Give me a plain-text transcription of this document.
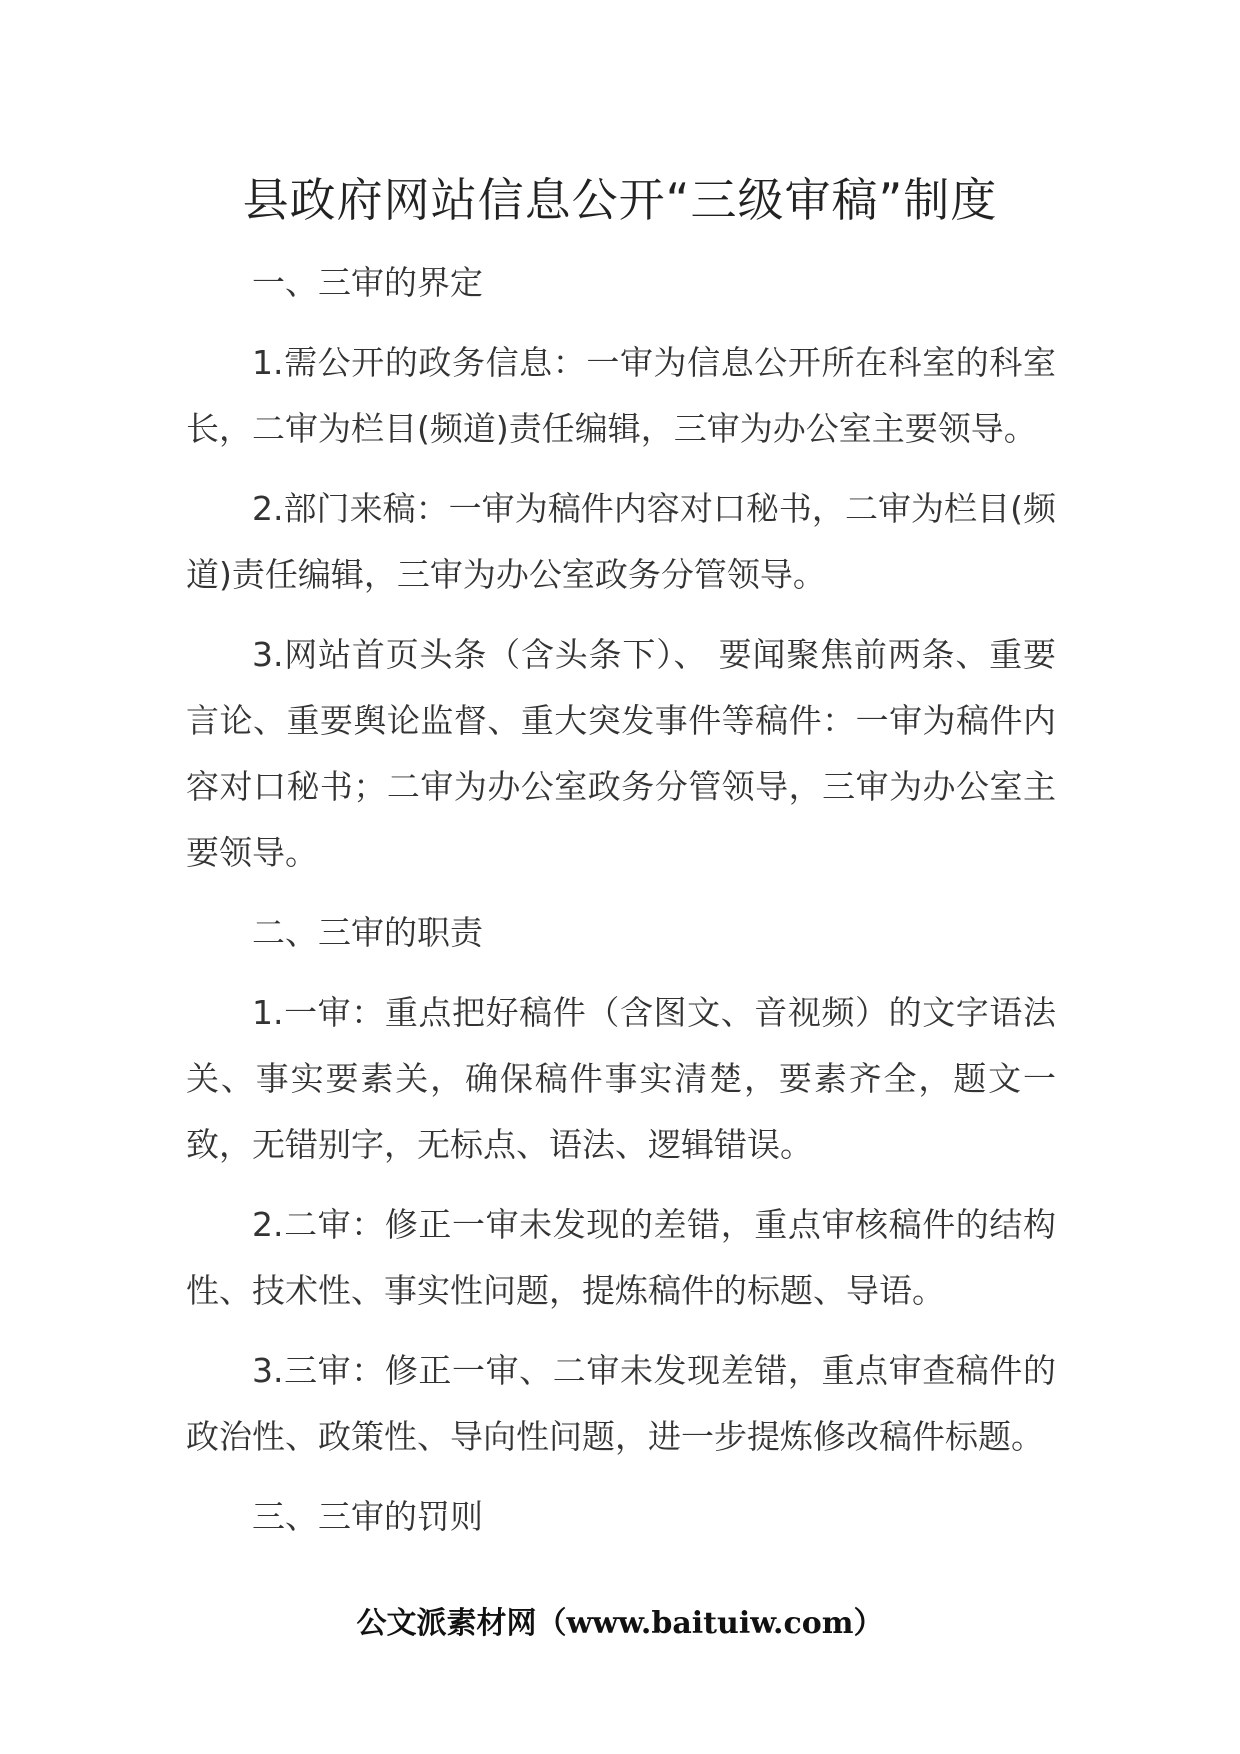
县政府网站信息公开“三级审稿”制度
一、三审的界定

1.需公开的政务信息：一审为信息公开所在科室的科室长，二审为栏目(频道)责任编辑，三审为办公室主要领导。

2.部门来稿：一审为稿件内容对口秘书，二审为栏目(频道)责任编辑，三审为办公室政务分管领导。

3.网站首页头条（含头条下）、 要闻聚焦前两条、重要言论、重要舆论监督、重大突发事件等稿件：一审为稿件内容对口秘书；二审为办公室政务分管领导，三审为办公室主要领导。

二、三审的职责

1.一审：重点把好稿件（含图文、音视频）的文字语法关、事实要素关，确保稿件事实清楚，要素齐全，题文一致，无错别字，无标点、语法、逻辑错误。

2.二审：修正一审未发现的差错，重点审核稿件的结构性、技术性、事实性问题，提炼稿件的标题、导语。

3.三审：修正一审、二审未发现差错，重点审查稿件的政治性、政策性、导向性问题，进一步提炼修改稿件标题。

三、三审的罚则
公文派素材网（www.baituiw.com）
